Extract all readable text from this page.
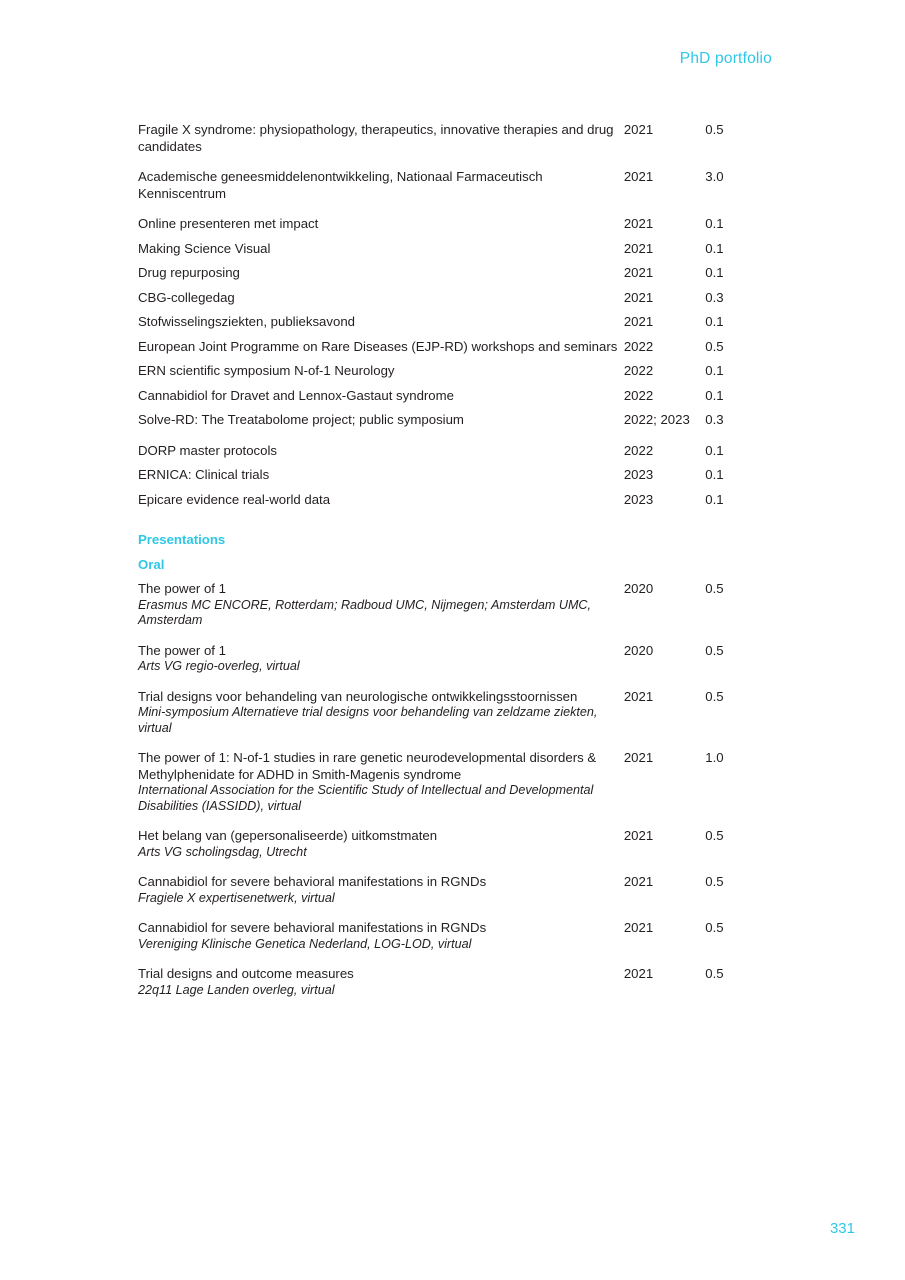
PhD portfolio
Fragile X syndrome: physiopathology, therapeutics, innovative therapies and drug candidates	2021	0.5

Academische geneesmiddelenontwikkeling, Nationaal Farmaceutisch Kenniscentrum	2021	3.0

Online presenteren met impact	2021	0.1

Making Science Visual	2021	0.1

Drug repurposing	2021	0.1

CBG-collegedag	2021	0.3

Stofwisselingsziekten, publieksavond	2021	0.1

European Joint Programme on Rare Diseases (EJP-RD) workshops and seminars	2022	0.5

ERN scientific symposium N-of-1 Neurology	2022	0.1

Cannabidiol for Dravet and Lennox-Gastaut syndrome	2022	0.1

Solve-RD: The Treatabolome project; public symposium	2022; 2023	0.3

DORP master protocols	2022	0.1

ERNICA: Clinical trials	2023	0.1

Epicare evidence real-world data	2023	0.1
Presentations		
Oral		

The power of 1
Erasmus MC ENCORE, Rotterdam; Radboud UMC, Nijmegen; Amsterdam UMC, Amsterdam	2020	0.5

The power of 1
Arts VG regio-overleg, virtual	2020	0.5

Trial designs voor behandeling van neurologische ontwikkelingsstoornissen
Mini-symposium Alternatieve trial designs voor behandeling van zeldzame ziekten, virtual	2021	0.5

The power of 1: N-of-1 studies in rare genetic neurodevelopmental disorders & Methylphenidate for ADHD in Smith-Magenis syndrome
International Association for the Scientific Study of Intellectual and Developmental Disabilities (IASSIDD), virtual	2021	1.0

Het belang van (gepersonaliseerde) uitkomstmaten
Arts VG scholingsdag, Utrecht	2021	0.5

Cannabidiol for severe behavioral manifestations in RGNDs
Fragiele X expertisenetwerk, virtual	2021	0.5

Cannabidiol for severe behavioral manifestations in RGNDs
Vereniging Klinische Genetica Nederland, LOG-LOD, virtual	2021	0.5

Trial designs and outcome measures
22q11 Lage Landen overleg, virtual	2021	0.5
331
